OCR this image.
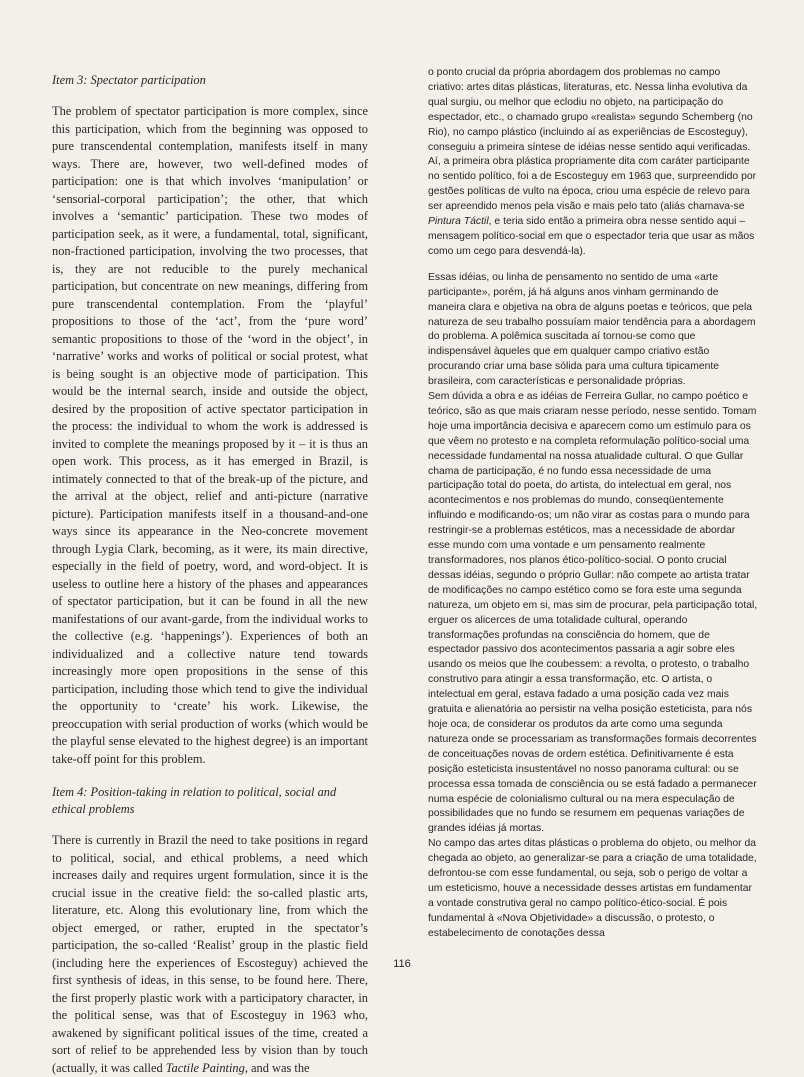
Item 3: Spectator participation

The problem of spectator participation is more complex, since this participation, which from the beginning was opposed to pure transcendental contemplation, manifests itself in many ways. There are, however, two well-defined modes of participation: one is that which involves ‘manipulation’ or ‘sensorial-corporal participation’; the other, that which involves a ‘semantic’ participation. These two modes of participation seek, as it were, a fundamental, total, significant, non-fractioned participation, involving the two processes, that is, they are not reducible to the purely mechanical participation, but concentrate on new meanings, differing from pure transcendental contemplation. From the ‘playful’ propositions to those of the ‘act’, from the ‘pure word’ semantic propositions to those of the ‘word in the object’, in ‘narrative’ works and works of political or social protest, what is being sought is an objective mode of participation. This would be the internal search, inside and outside the object, desired by the proposition of active spectator participation in the process: the individual to whom the work is addressed is invited to complete the meanings proposed by it – it is thus an open work. This process, as it has emerged in Brazil, is intimately connected to that of the break-up of the picture, and the arrival at the object, relief and anti-picture (narrative picture). Participation manifests itself in a thousand-and-one ways since its appearance in the Neo-concrete movement through Lygia Clark, becoming, as it were, its main directive, especially in the field of poetry, word, and word-object. It is useless to outline here a history of the phases and appearances of spectator participation, but it can be found in all the new manifestations of our avant-garde, from the individual works to the collective (e.g. ‘happenings’). Experiences of both an individualized and a collective nature tend towards increasingly more open propositions in the sense of this participation, including those which tend to give the individual the opportunity to ‘create’ his work. Likewise, the preoccupation with serial production of works (which would be the playful sense elevated to the highest degree) is an important take-off point for this problem.

Item 4: Position-taking in relation to political, social and ethical problems

There is currently in Brazil the need to take positions in regard to political, social, and ethical problems, a need which increases daily and requires urgent formulation, since it is the crucial issue in the creative field: the so-called plastic arts, literature, etc. Along this evolutionary line, from which the object emerged, or rather, erupted in the spectator’s participation, the so-called ‘Realist’ group in the plastic field (including here the experiences of Escosteguy) achieved the first synthesis of ideas, in this sense, to be found here. There, the first properly plastic work with a participatory character, in the political sense, was that of Escosteguy in 1963 who, awakened by significant political issues of the time, created a sort of relief to be apprehended less by vision than by touch (actually, it was called Tactile Painting, and was the

o ponto crucial da própria abordagem dos problemas no campo criativo: artes ditas plásticas, literaturas, etc. Nessa linha evolutiva da qual surgiu, ou melhor que eclodiu no objeto, na participação do espectador, etc., o chamado grupo «realista» segundo Schemberg (no Rio), no campo plástico (incluindo aí as experiências de Escosteguy), conseguiu a primeira síntese de idéias nesse sentido aqui verificadas. Aí, a primeira obra plástica propriamente dita com caráter participante no sentido político, foi a de Escosteguy em 1963 que, surpreendido por gestões políticas de vulto na época, criou uma espécie de relevo para ser apreendido menos pela visão e mais pelo tato (aliás chamava-se Pintura Táctil, e teria sido então a primeira obra nesse sentido aqui – mensagem político-social em que o espectador teria que usar as mãos como um cego para desvendá-la).

Essas idéias, ou linha de pensamento no sentido de uma «arte participante», porém, já há alguns anos vinham germinando de maneira clara e objetiva na obra de alguns poetas e teóricos, que pela natureza de seu trabalho possuíam maior tendência para a abordagem do problema. A polêmica suscitada aí tornou-se como que indispensável àqueles que em qualquer campo criativo estão procurando criar uma base sólida para uma cultura tipicamente brasileira, com características e personalidade próprias.

Sem dúvida a obra e as idéias de Ferreira Gullar, no campo poético e teórico, são as que mais criaram nesse período, nesse sentido. Tomam hoje uma importância decisiva e aparecem como um estímulo para os que vêem no protesto e na completa reformulação político-social uma necessidade fundamental na nossa atualidade cultural. O que Gullar chama de participação, é no fundo essa necessidade de uma participação total do poeta, do artista, do intelectual em geral, nos acontecimentos e nos problemas do mundo, conseqüentemente influindo e modificando-os; um não virar as costas para o mundo para restringir-se a problemas estéticos, mas a necessidade de abordar esse mundo com uma vontade e um pensamento realmente transformadores, nos planos ético-político-social. O ponto crucial dessas idéias, segundo o próprio Gullar: não compete ao artista tratar de modificações no campo estético como se fora este uma segunda natureza, um objeto em si, mas sim de procurar, pela participação total, erguer os alicerces de uma totalidade cultural, operando transformações profundas na consciência do homem, que de espectador passivo dos acontecimentos passaria a agir sobre eles usando os meios que lhe coubessem: a revolta, o protesto, o trabalho construtivo para atingir a essa transformação, etc. O artista, o intelectual em geral, estava fadado a uma posição cada vez mais gratuita e alienatória ao persistir na velha posição esteticista, para nós hoje oca, de considerar os produtos da arte como uma segunda natureza onde se processariam as transformações formais decorrentes de conceituações novas de ordem estética. Definitivamente é esta posição esteticista insustentável no nosso panorama cultural: ou se processa essa tomada de consciência ou se está fadado a permanecer numa espécie de colonialismo cultural ou na mera especulação de possibilidades que no fundo se resumem em pequenas variações de grandes idéias já mortas.

No campo das artes ditas plásticas o problema do objeto, ou melhor da chegada ao objeto, ao generalizar-se para a criação de uma totalidade, defrontou-se com esse fundamental, ou seja, sob o perigo de voltar a um esteticismo, houve a necessidade desses artistas em fundamentar a vontade construtiva geral no campo político-ético-social. É pois fundamental à «Nova Objetividade» a discussão, o protesto, o estabelecimento de conotações dessa

116
